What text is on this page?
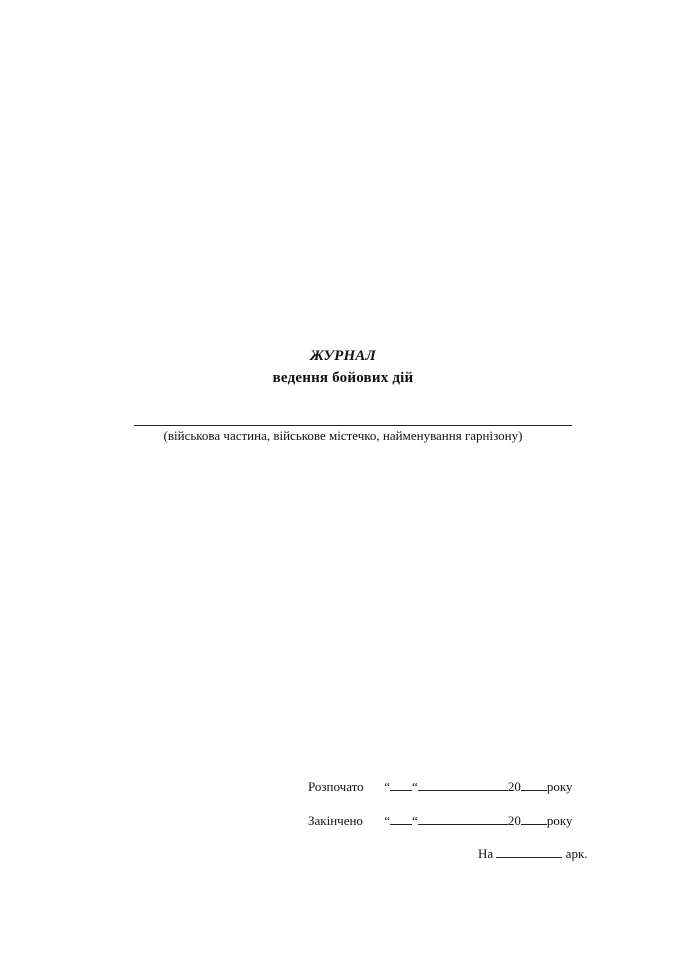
ЖУРНАЛ
ведення бойових дій
(військова частина, військове містечко, найменування гарнізону)
Розпочато “ “	20 року
Закінчено “ “	20 року
На	арк.
